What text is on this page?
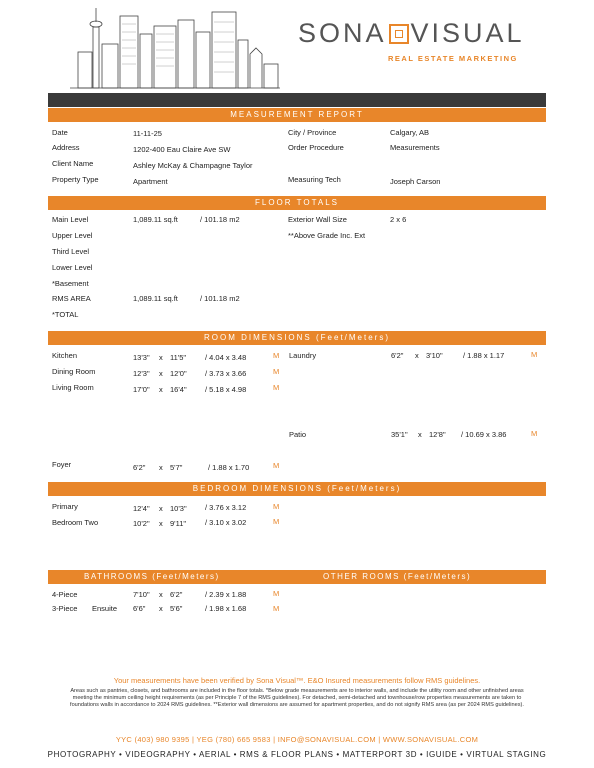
SONA VISUAL
REAL ESTATE MARKETING
MEASUREMENT REPORT
Date	11-11-25
Address	1202-400 Eau Claire Ave SW
Client Name	Ashley McKay & Champagne Taylor
Property Type	Apartment
City / Province	Calgary, AB
Order Procedure	Measurements
Measuring Tech	Joseph Carson
FLOOR TOTALS
Main Level	1,089.11 sq.ft	/ 101.18 m2
Upper Level
Third Level
Lower Level
*Basement
RMS AREA	1,089.11 sq.ft	/ 101.18 m2
*TOTAL
Exterior Wall Size	2 x 6
**Above Grade Inc. Ext
ROOM DIMENSIONS (Feet/Meters)
Kitchen	13'3" x 11'5"	/ 4.04 x 3.48	M
Dining Room	12'3" x 12'0" / 3.73 x 3.66	M
Living Room	17'0" x 16'4" / 5.18 x 4.98	M
Laundry	6'2" x 3'10"	/ 1.88 x 1.17	M
Patio	35'1" x 12'8" / 10.69 x 3.86	M
Foyer	6'2" x 5'7"	/ 1.88 x 1.70	M
BEDROOM DIMENSIONS (Feet/Meters)
Primary	12'4" x 10'3" / 3.76 x 3.12	M
Bedroom Two	10'2" x 9'11"	/ 3.10 x 3.02	M
BATHROOMS (Feet/Meters)	OTHER ROOMS (Feet/Meters)
4-Piece	7'10" x 6'2"	/ 2.39 x 1.88	M
3-Piece Ensuite 6'6" x 5'6"	/ 1.98 x 1.68	M
Your measurements have been verified by Sona Visual™. E&O Insured measurements follow RMS guidelines.
Areas such as pantries, closets, and bathrooms are included in the floor totals. *Below grade measurements are to interior walls, and include the utility room and other unfinished areas meeting the minimum ceiling height requirements (as per Principle 7 of the RMS guidelines). For detached, semi-detached and townhouse/row properties measurements are taken to foundations walls in accordance to 2024 RMS guidelines. **Exterior wall dimensions are assumed for apartment properties, and do not signify RMS area (as per 2024 RMS guidelines).
YYC (403) 980 9395 | YEG (780) 665 9583 | INFO@SONAVISUAL.COM | WWW.SONAVISUAL.COM
PHOTOGRAPHY • VIDEOGRAPHY • AERIAL • RMS & FLOOR PLANS • MATTERPORT 3D • IGUIDE • VIRTUAL STAGING
